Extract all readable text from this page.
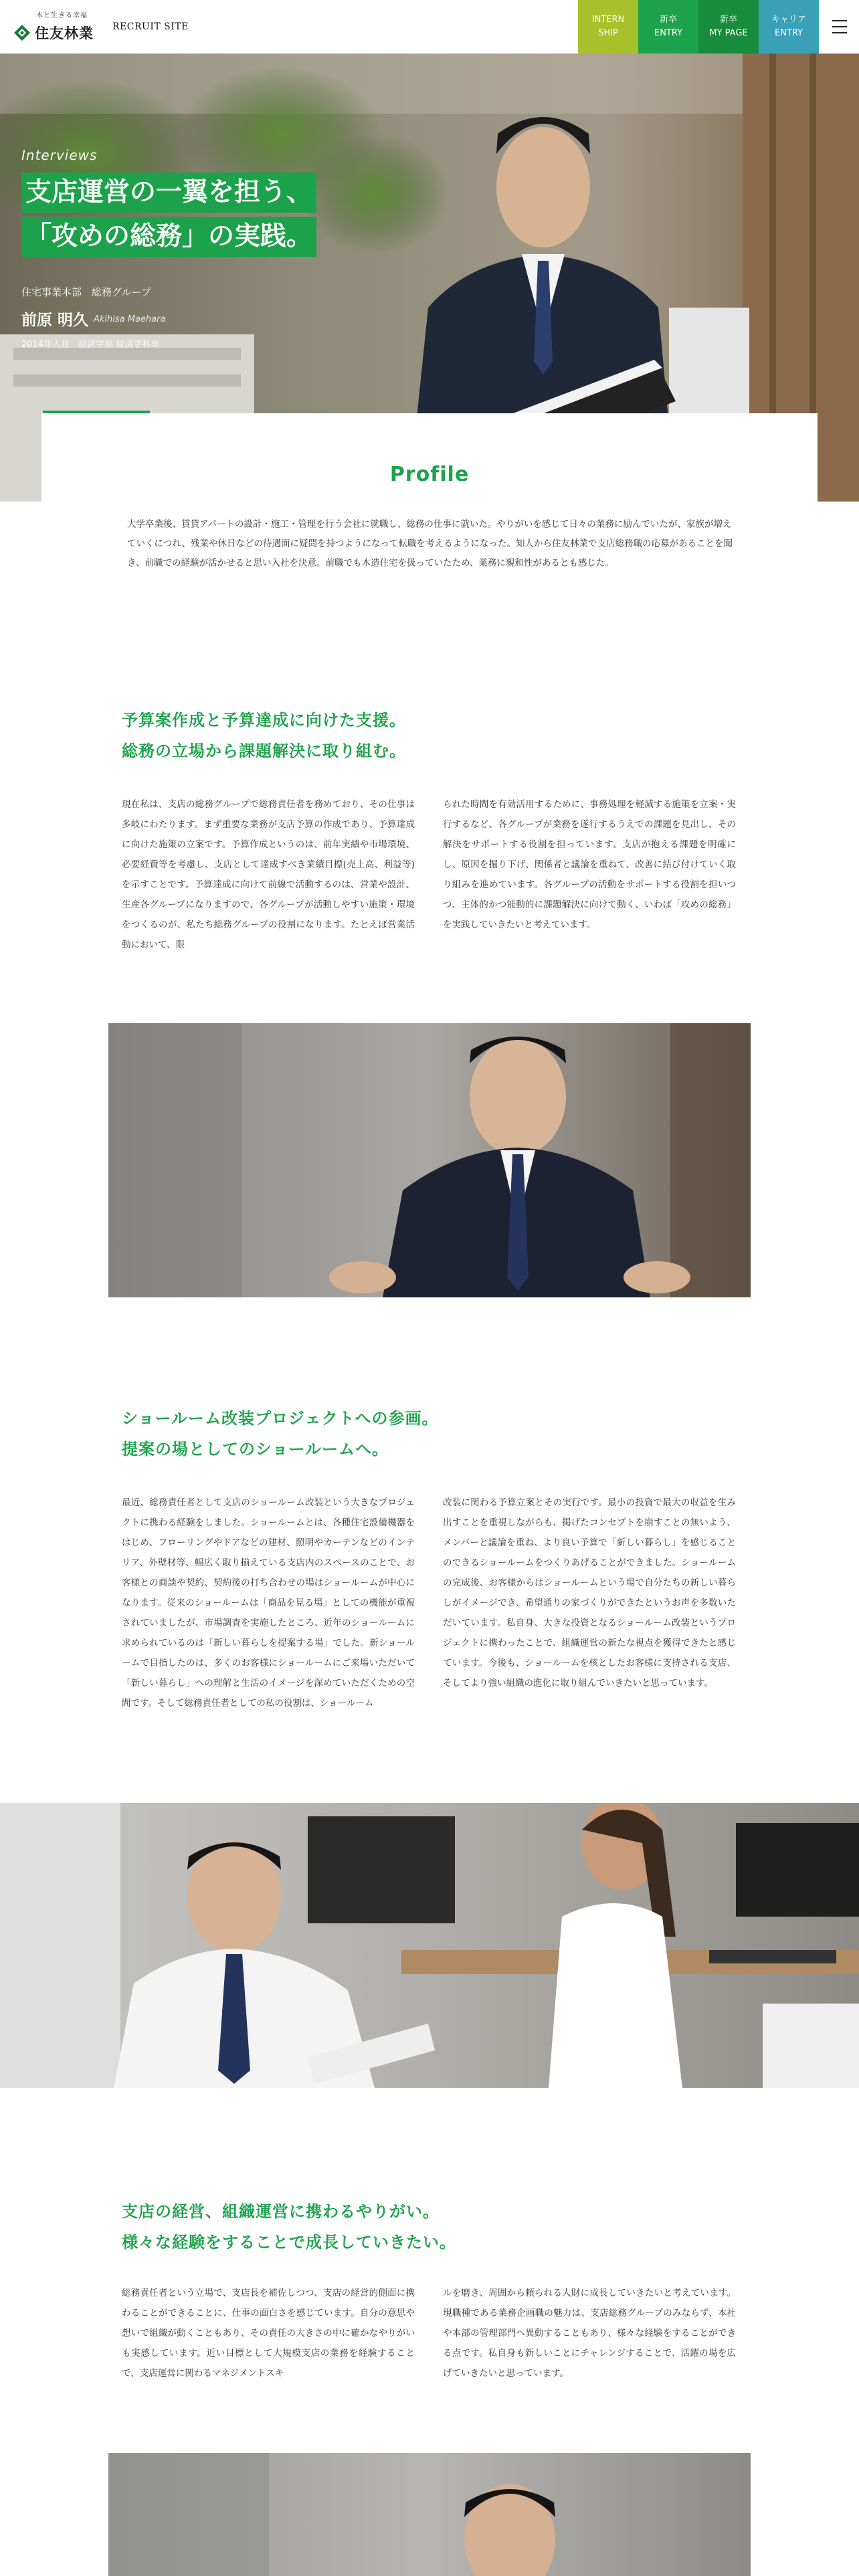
木と生きる幸福
住友林業 RECRUIT SITE
INTERN
SHIP
新卒
ENTRY
新卒
MY PAGE
キャリア
ENTRY
Interviews
支店運営の一翼を担う、
「攻めの総務」の実践。
住宅事業本部　総務グループ
前原 明久 Akihisa Maehara
2014年入社　経済学部 経済学科卒
Profile

大学卒業後、賃貸アパートの設計・施工・管理を行う会社に就職し、総務の仕事に就いた。やりがいを感じて日々の業務に励んでいたが、家族が増えていくにつれ、残業や休日などの待遇面に疑問を持つようになって転職を考えるようになった。知人から住友林業で支店総務職の応募があることを聞き、前職での経験が活かせると思い入社を決意。前職でも木造住宅を扱っていたため、業務に親和性があるとも感じた。

予算案作成と予算達成に向けた支援。
総務の立場から課題解決に取り組む。

現在私は、支店の総務グループで総務責任者を務めており、その仕事は多岐にわたります。まず重要な業務が支店予算の作成であり、予算達成に向けた施策の立案です。予算作成というのは、前年実績や市場環境、必要経費等を考慮し、支店として達成すべき業績目標(売上高、利益等)を示すことです。予算達成に向けて前線で活動するのは、営業や設計、生産各グループになりますので、各グループが活動しやすい施策・環境をつくるのが、私たち総務グループの役割になります。たとえば営業活動において、限

られた時間を有効活用するために、事務処理を軽減する施策を立案・実行するなど、各グループが業務を遂行するうえでの課題を見出し、その解決をサポートする役割を担っています。支店が抱える課題を明確にし、原因を掘り下げ、関係者と議論を重ねて、改善に結び付けていく取り組みを進めています。各グループの活動をサポートする役割を担いつつ、主体的かつ能動的に課題解決に向けて動く、いわば「攻めの総務」を実践していきたいと考えています。

ショールーム改装プロジェクトへの参画。
提案の場としてのショールームへ。

最近、総務責任者として支店のショールーム改装という大きなプロジェクトに携わる経験をしました。ショールームとは、各種住宅設備機器をはじめ、フローリングやドアなどの建材、照明やカーテンなどのインテリア、外壁材等、幅広く取り揃えている支店内のスペースのことで、お客様との商談や契約、契約後の打ち合わせの場はショールームが中心になります。従来のショールームは「商品を見る場」としての機能が重視されていましたが、市場調査を実施したところ、近年のショールームに求められているのは「新しい暮らしを提案する場」でした。新ショールームで目指したのは、多くのお客様にショールームにご来場いただいて「新しい暮らし」への理解と生活のイメージを深めていただくための空間です。そして総務責任者としての私の役割は、ショールーム

改装に関わる予算立案とその実行です。最小の投資で最大の収益を生み出すことを重視しながらも、掲げたコンセプトを崩すことの無いよう、メンバーと議論を重ね、より良い予算で「新しい暮らし」を感じることのできるショールームをつくりあげることができました。ショールームの完成後、お客様からはショールームという場で自分たちの新しい暮らしがイメージでき、希望通りの家づくりができたというお声を多数いただいています。私自身、大きな投資となるショールーム改装というプロジェクトに携わったことで、組織運営の新たな視点を獲得できたと感じています。今後も、ショールームを核としたお客様に支持される支店、そしてより強い組織の進化に取り組んでいきたいと思っています。

支店の経営、組織運営に携わるやりがい。
様々な経験をすることで成長していきたい。

総務責任者という立場で、支店長を補佐しつつ、支店の経営的側面に携わることができることに、仕事の面白さを感じています。自分の意思や想いで組織が動くこともあり、その責任の大きさの中に確かなやりがいも実感しています。近い目標として大規模支店の業務を経験することで、支店運営に関わるマネジメントスキ

ルを磨き、周囲から頼られる人財に成長していきたいと考えています。現職種である業務企画職の魅力は、支店総務グループのみならず、本社や本部の管理部門へ異動することもあり、様々な経験をすることができる点です。私自身も新しいことにチャレンジすることで、活躍の場を広げていきたいと思っています。
